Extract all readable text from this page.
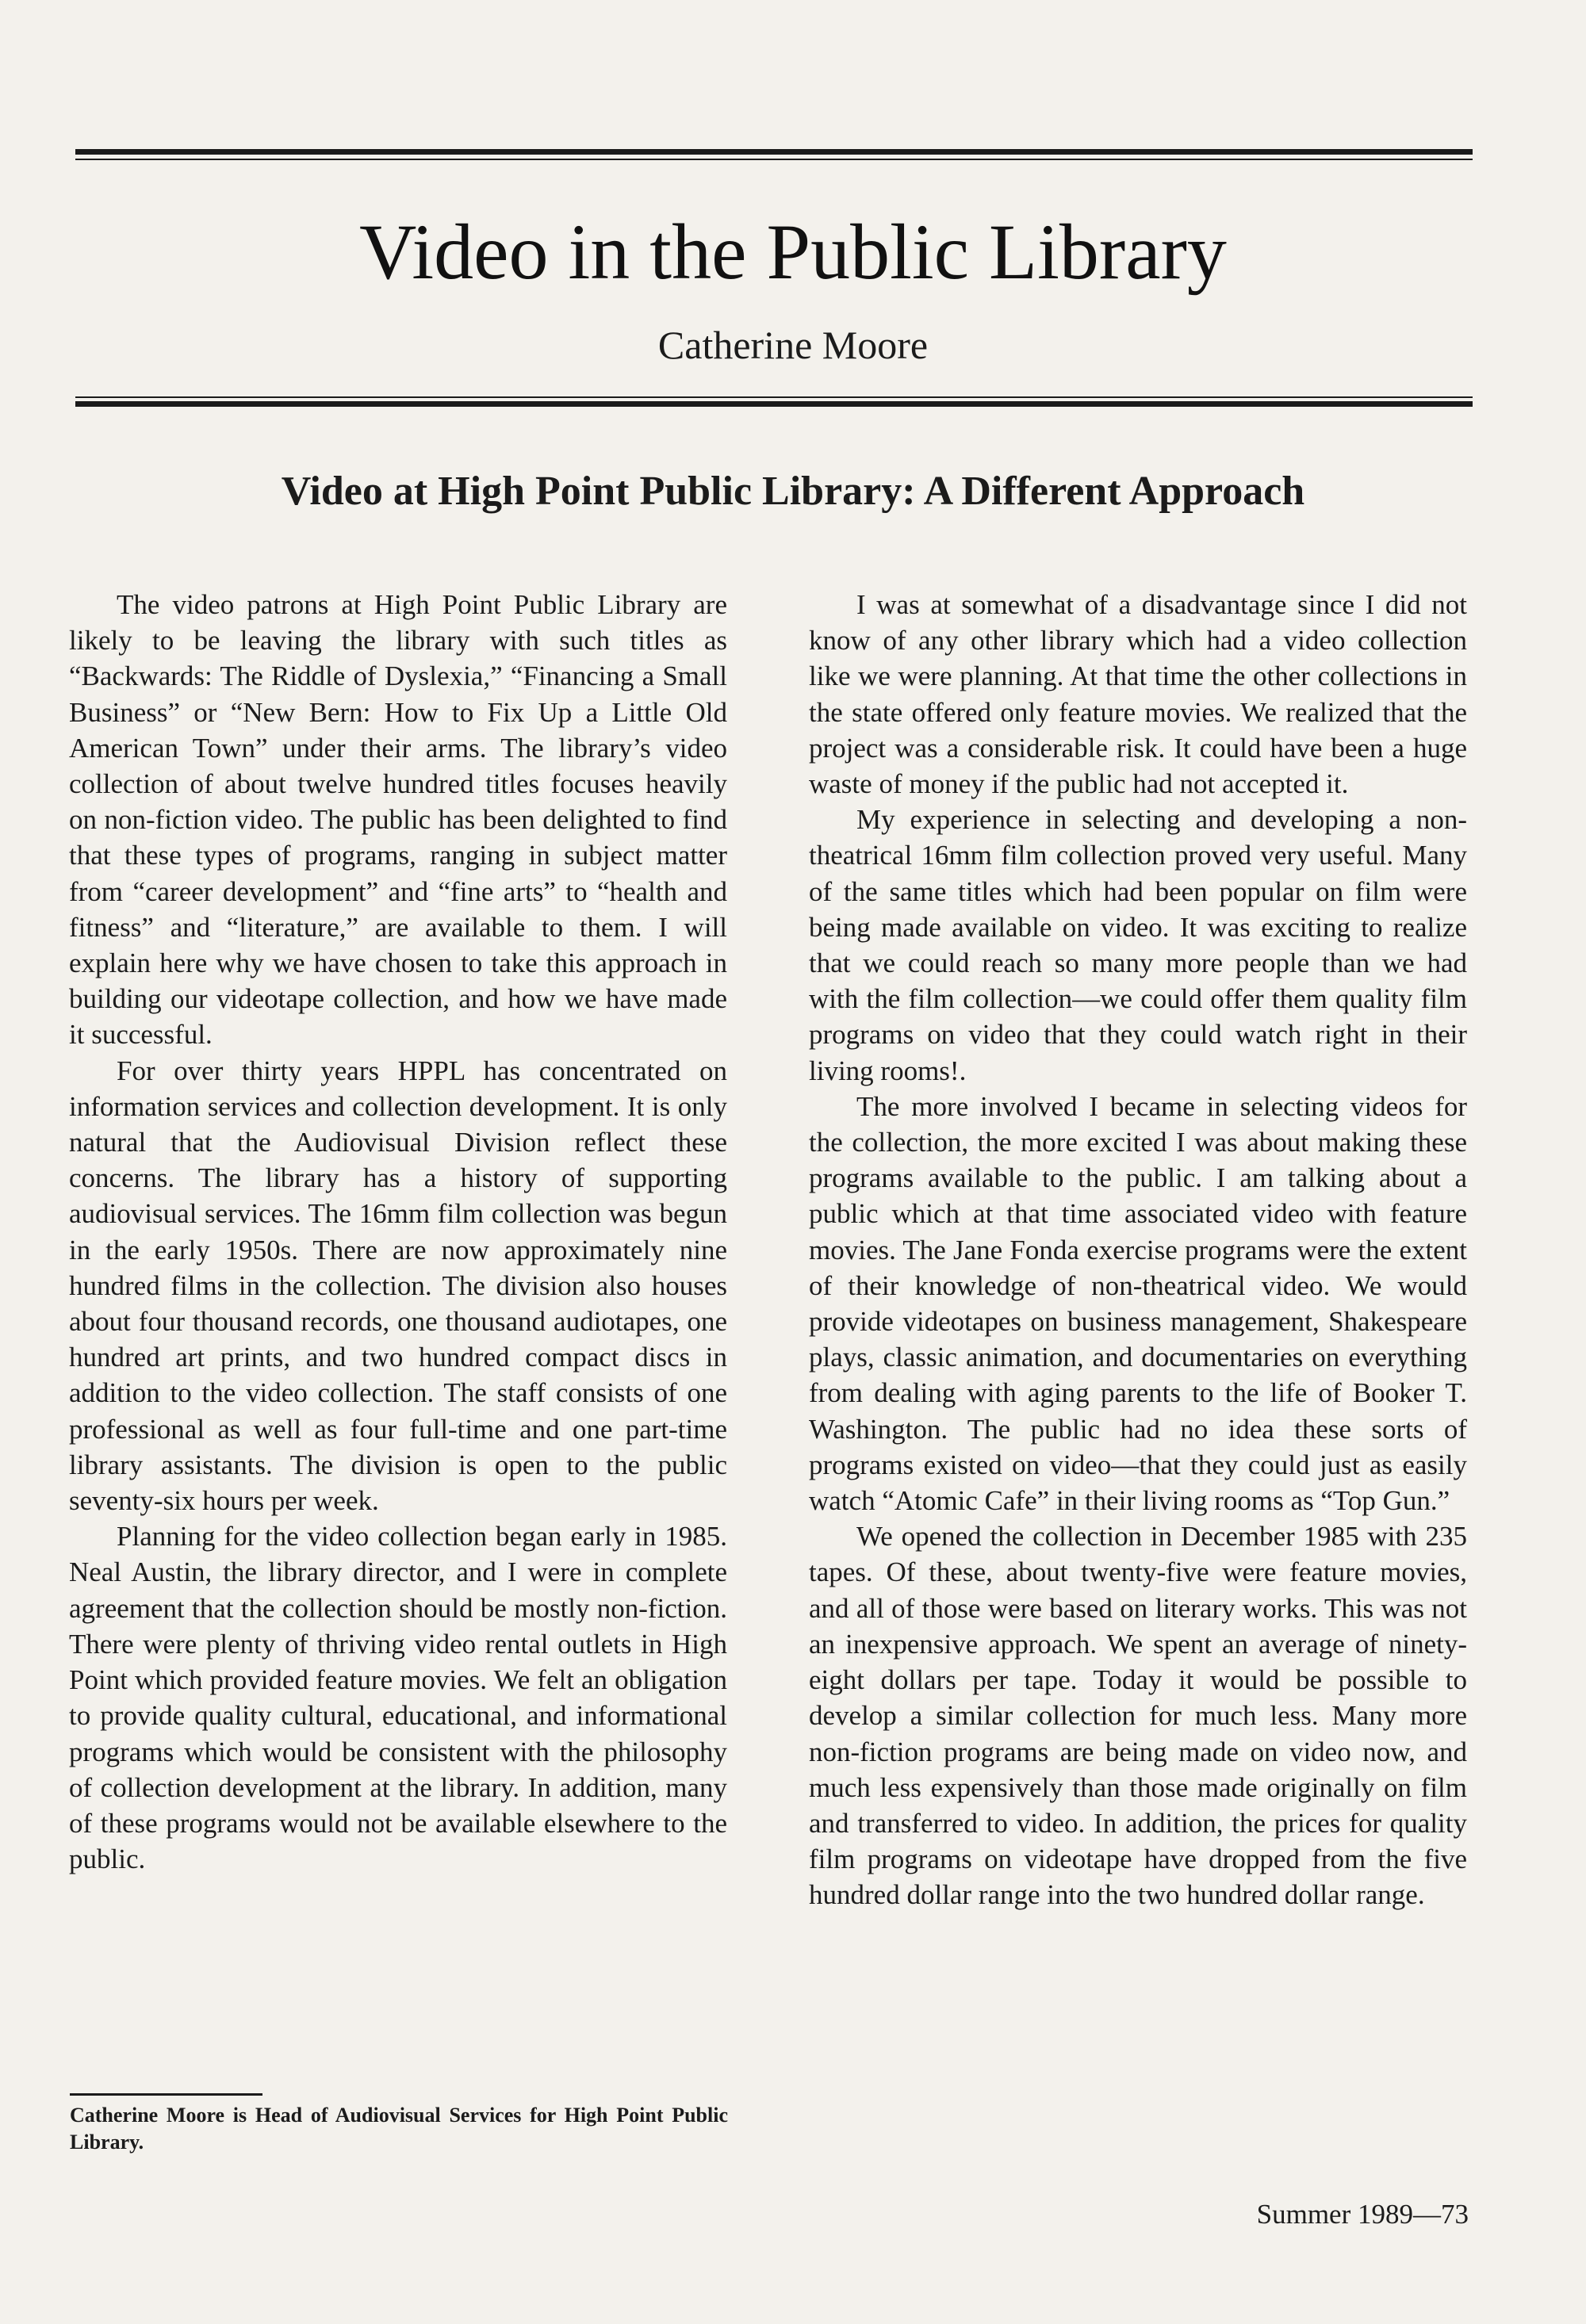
Video in the Public Library
Catherine Moore
Video at High Point Public Library: A Different Approach

The video patrons at High Point Public Library are likely to be leaving the library with such titles as “Backwards: The Riddle of Dyslexia,” “Financing a Small Business” or “New Bern: How to Fix Up a Little Old American Town” under their arms. The library’s video collection of about twelve hundred titles focuses heavily on non-fiction video. The public has been delighted to find that these types of programs, ranging in subject matter from “career development” and “fine arts” to “health and fitness” and “literature,” are available to them. I will explain here why we have chosen to take this approach in building our videotape collection, and how we have made it successful.

For over thirty years HPPL has concentrated on information services and collection development. It is only natural that the Audiovisual Division reflect these concerns. The library has a history of supporting audiovisual services. The 16mm film collection was begun in the early 1950s. There are now approximately nine hundred films in the collection. The division also houses about four thousand records, one thousand audiotapes, one hundred art prints, and two hundred compact discs in addition to the video collection. The staff consists of one professional as well as four full-time and one part-time library assistants. The division is open to the public seventy-six hours per week.

Planning for the video collection began early in 1985. Neal Austin, the library director, and I were in complete agreement that the collection should be mostly non-fiction. There were plenty of thriving video rental outlets in High Point which provided feature movies. We felt an obligation to provide quality cultural, educational, and informational programs which would be consistent with the philosophy of collection development at the library. In addition, many of these programs would not be available elsewhere to the public.

I was at somewhat of a disadvantage since I did not know of any other library which had a video collection like we were planning. At that time the other collections in the state offered only feature movies. We realized that the project was a considerable risk. It could have been a huge waste of money if the public had not accepted it.

My experience in selecting and developing a non-theatrical 16mm film collection proved very useful. Many of the same titles which had been popular on film were being made available on video. It was exciting to realize that we could reach so many more people than we had with the film collection—we could offer them quality film programs on video that they could watch right in their living rooms!.

The more involved I became in selecting videos for the collection, the more excited I was about making these programs available to the public. I am talking about a public which at that time associated video with feature movies. The Jane Fonda exercise programs were the extent of their knowledge of non-theatrical video. We would provide videotapes on business management, Shakespeare plays, classic animation, and documentaries on everything from dealing with aging parents to the life of Booker T. Washington. The public had no idea these sorts of programs existed on video—that they could just as easily watch “Atomic Cafe” in their living rooms as “Top Gun.”

We opened the collection in December 1985 with 235 tapes. Of these, about twenty-five were feature movies, and all of those were based on literary works. This was not an inexpensive approach. We spent an average of ninety-eight dollars per tape. Today it would be possible to develop a similar collection for much less. Many more non-fiction programs are being made on video now, and much less expensively than those made originally on film and transferred to video. In addition, the prices for quality film programs on videotape have dropped from the five hundred dollar range into the two hundred dollar range.

Catherine Moore is Head of Audiovisual Services for High Point Public Library.
Summer 1989—73
